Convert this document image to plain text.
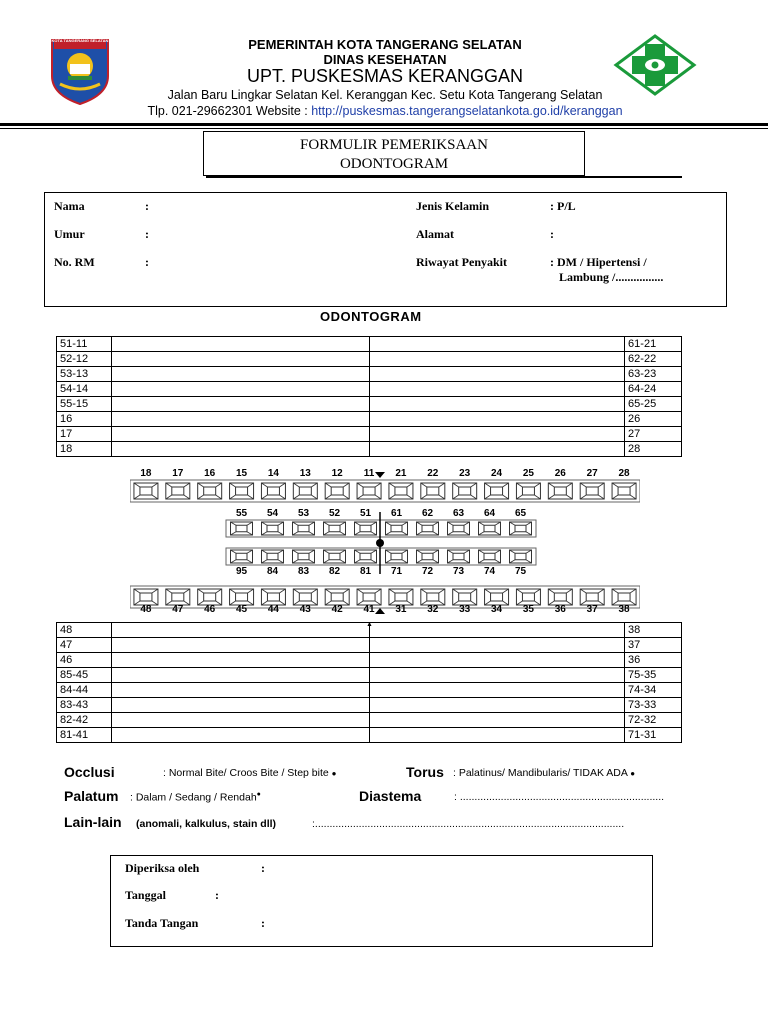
KOTA TANGERANG SELATAN	PEMERINTAH KOTA TANGERANG SELATAN
DINAS KESEHATAN
UPT. PUSKESMAS KERANGGAN
Jalan Baru Lingkar Selatan Kel. Keranggan Kec. Setu Kota Tangerang Selatan
Tlp. 021-29662301 Website : http://puskesmas.tangerangselatankota.go.id/keranggan
FORMULIR PEMERIKSAAN
ODONTOGRAM
Nama	:
Umur	:
No. RM	:
Jenis Kelamin	: P/L
Alamat	:
Riwayat Penyakit	: DM / Hipertensi /
Lambung /................
ODONTOGRAM
51-11			61-21
52-12			62-22
53-13			63-23
54-14			64-24
55-15			65-25
16			26
17			27
18			28
18 17 16 15 14 13 12 11 21 22 23 24 25 26 27 28
48 47 46 45 44 43 42 41 31 32 33 34 35 36 37 38
55 54 53 52 51 61 62 63 64 65
95 84 83 82 81 71 72 73 74 75
48			38
47			37
46			36
85-45			75-35
84-44			74-34
83-43			73-33
82-42			72-32
81-41			71-31
Occlusi	: Normal Bite/ Croos Bite / Step bite ●	Torus : Palatinus/ Mandibularis/ TIDAK ADA ●
Palatum : Dalam / Sedang / Rendah●	Diastema	: ......................................................................
Lain-lain (anomali, kalkulus, stain dll)	:..........................................................................................................
Diperiksa oleh	:
Tanggal	:
Tanda Tangan	:
▲
